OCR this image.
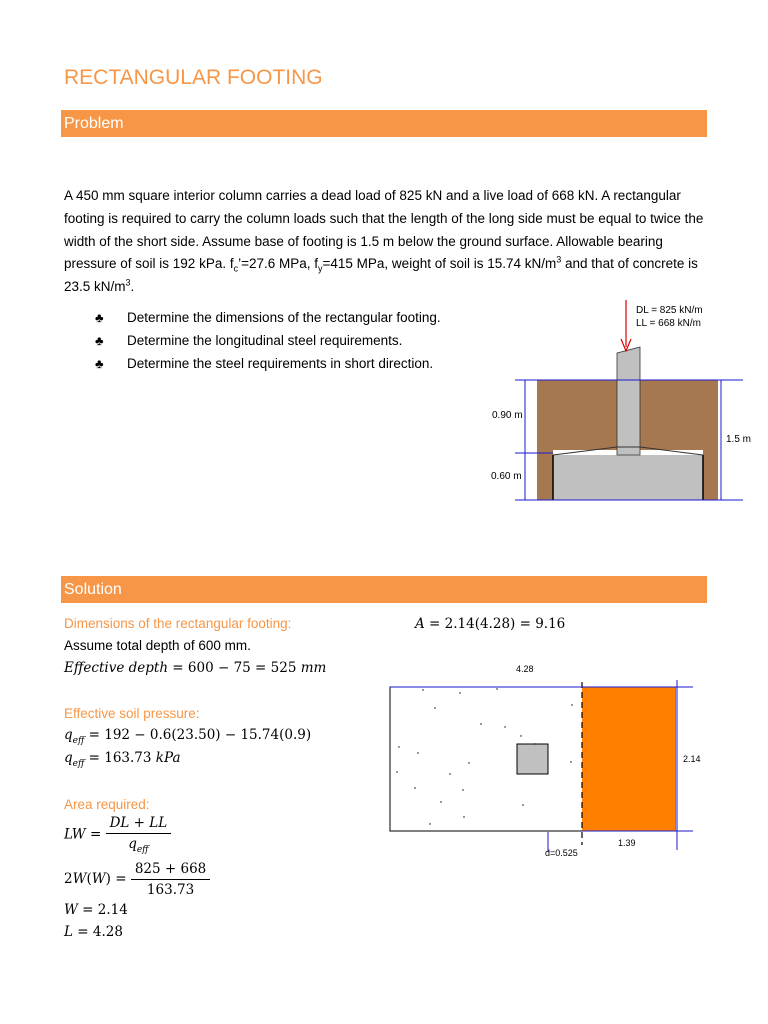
RECTANGULAR FOOTING
Problem
A 450 mm square interior column carries a dead load of 825 kN and a live load of 668 kN. A rectangular footing is required to carry the column loads such that the length of the long side must be equal to twice the width of the short side. Assume base of footing is 1.5 m below the ground surface. Allowable bearing pressure of soil is 192 kPa. $f_c’=27.6$ MPa, $f_y=415$ MPa, weight of soil is 15.74 $kN/m^3$ and that of concrete is 23.5 $kN/m^3$.
♣ Determine the dimensions of the rectangular footing.
♣ Determine the longitudinal steel requirements.
♣ Determine the steel requirements in short direction.
DL = 825 kN/m
LL = 668 kN/m
0.90 m
0.60 m
1.5 m
Solution
Dimensions of the rectangular footing:
Assume total depth of 600 mm.
Effective depth = 600 − 75 = 525 mm
Effective soil pressure:
$q_{eff} = 192 - 0.6(23.50) - 15.74(0.9)$
$q_{eff} = 163.73$ kPa
Area required:
LW = $\frac{DL + LL}{q_{eff}}$
$2W(W) = \frac{825 + 668}{163.73}$
W = 2.14
L = 4.28
A = 2.14(4.28) = 9.16
4.28
2.14
1.39
d=0.525
